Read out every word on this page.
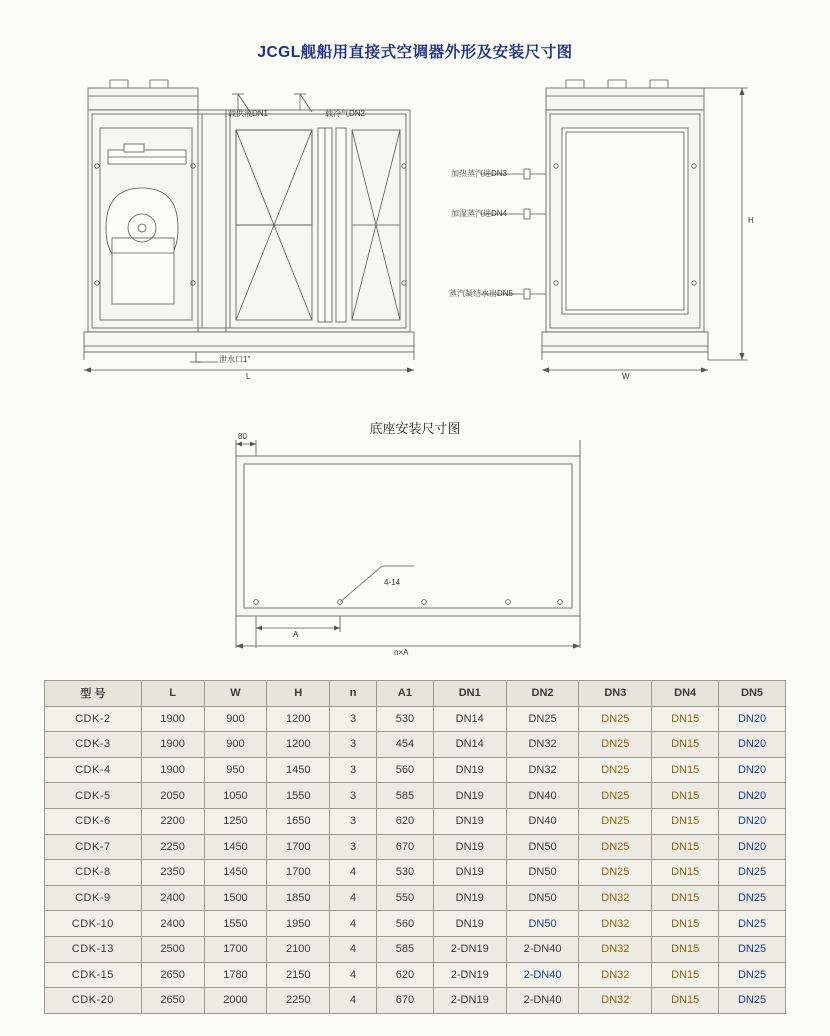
JCGL舰船用直接式空调器外形及安装尺寸图
载供液DN1	载冷气DN2
加热蒸汽进DN3
加湿蒸汽进DN4
蒸汽凝结水出DN5
泄水口1"
L	W
H
底座安装尺寸图
80
4-14
A
n×A
型 号	L	W	H	n	A1	DN1	DN2	DN3	DN4	DN5
CDK-2	1900	900	1200	3	530	DN14	DN25	DN25	DN15	DN20
CDK-3	1900	900	1200	3	454	DN14	DN32	DN25	DN15	DN20
CDK-4	1900	950	1450	3	560	DN19	DN32	DN25	DN15	DN20
CDK-5	2050	1050	1550	3	585	DN19	DN40	DN25	DN15	DN20
CDK-6	2200	1250	1650	3	620	DN19	DN40	DN25	DN15	DN20
CDK-7	2250	1450	1700	3	670	DN19	DN50	DN25	DN15	DN20
CDK-8	2350	1450	1700	4	530	DN19	DN50	DN25	DN15	DN25
CDK-9	2400	1500	1850	4	550	DN19	DN50	DN32	DN15	DN25
CDK-10	2400	1550	1950	4	560	DN19	DN50	DN32	DN15	DN25
CDK-13	2500	1700	2100	4	585	2-DN19	2-DN40	DN32	DN15	DN25
CDK-15	2650	1780	2150	4	620	2-DN19	2-DN40	DN32	DN15	DN25
CDK-20	2650	2000	2250	4	670	2-DN19	2-DN40	DN32	DN15	DN25
